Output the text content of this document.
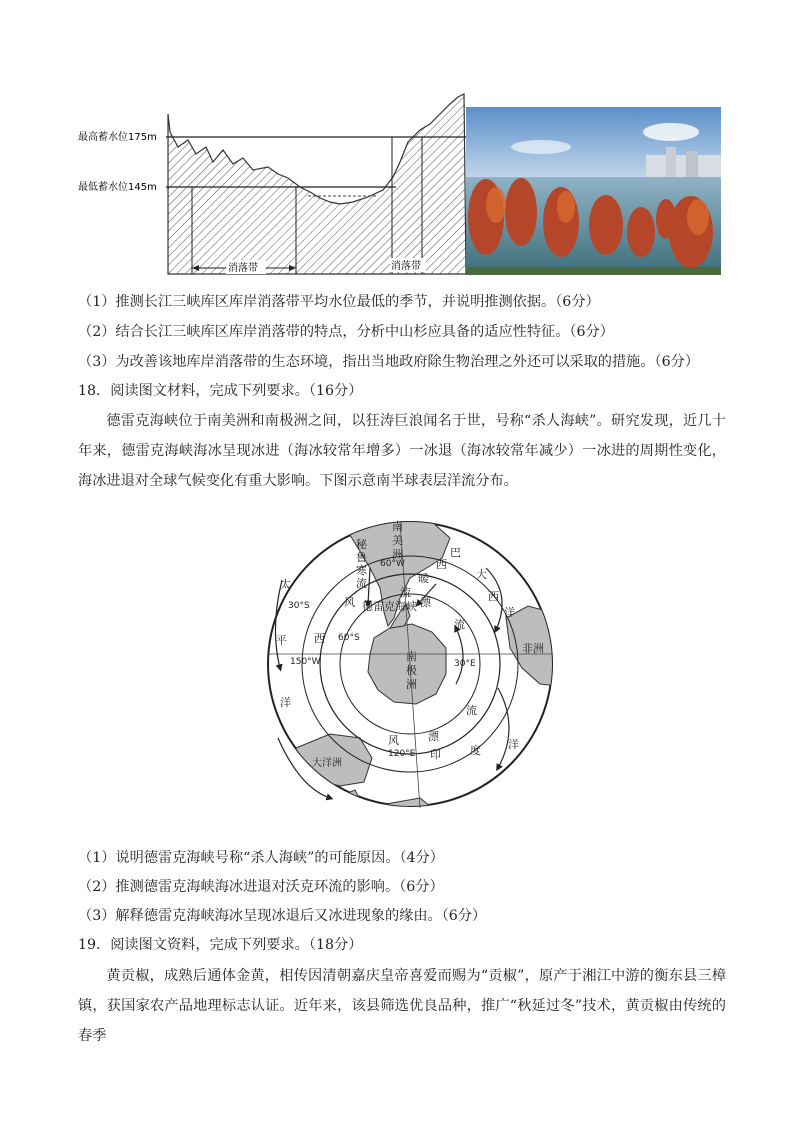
最高蓄水位175m
最低蓄水位145m
消落带	消落带
（1）推测长江三峡库区库岸消落带平均水位最低的季节，并说明推测依据。（6分）
（2）结合长江三峡库区库岸消落带的特点，分析中山杉应具备的适应性特征。（6分）
（3）为改善该地库岸消落带的生态环境，指出当地政府除生物治理之外还可以采取的措施。（6分）
18．阅读图文材料，完成下列要求。（16分）
德雷克海峡位于南美洲和南极洲之间，以狂涛巨浪闻名于世，号称“杀人海峡”。研究发现，近几十年来，德雷克海峡海冰呈现冰进（海冰较常年增多）一冰退（海冰较常年减少）一冰进的周期性变化，海冰进退对全球气候变化有重大影响。下图示意南半球表层洋流分布。
南
美
洲
秘
鲁
寒
流
巴
西
暖
流
大
西
洋
非洲
太
平
洋
风
西
德雷克海峡 漂
流
南
极
洲
流
风	漂
印	度 洋
大洋洲
30°S
60°S
60°W
150°W	30°E
120°E
（1）说明德雷克海峡号称“杀人海峡”的可能原因。（4分）
（2）推测德雷克海峡海冰进退对沃克环流的影响。（6分）
（3）解释德雷克海峡海冰呈现冰退后又冰进现象的缘由。（6分）
19．阅读图文资料，完成下列要求。（18分）
黄贡椒，成熟后通体金黄，相传因清朝嘉庆皇帝喜爱而赐为“贡椒”，原产于湘江中游的衡东县三樟镇，获国家农产品地理标志认证。近年来，该县筛选优良品种，推广“秋延过冬”技术，黄贡椒由传统的春季
